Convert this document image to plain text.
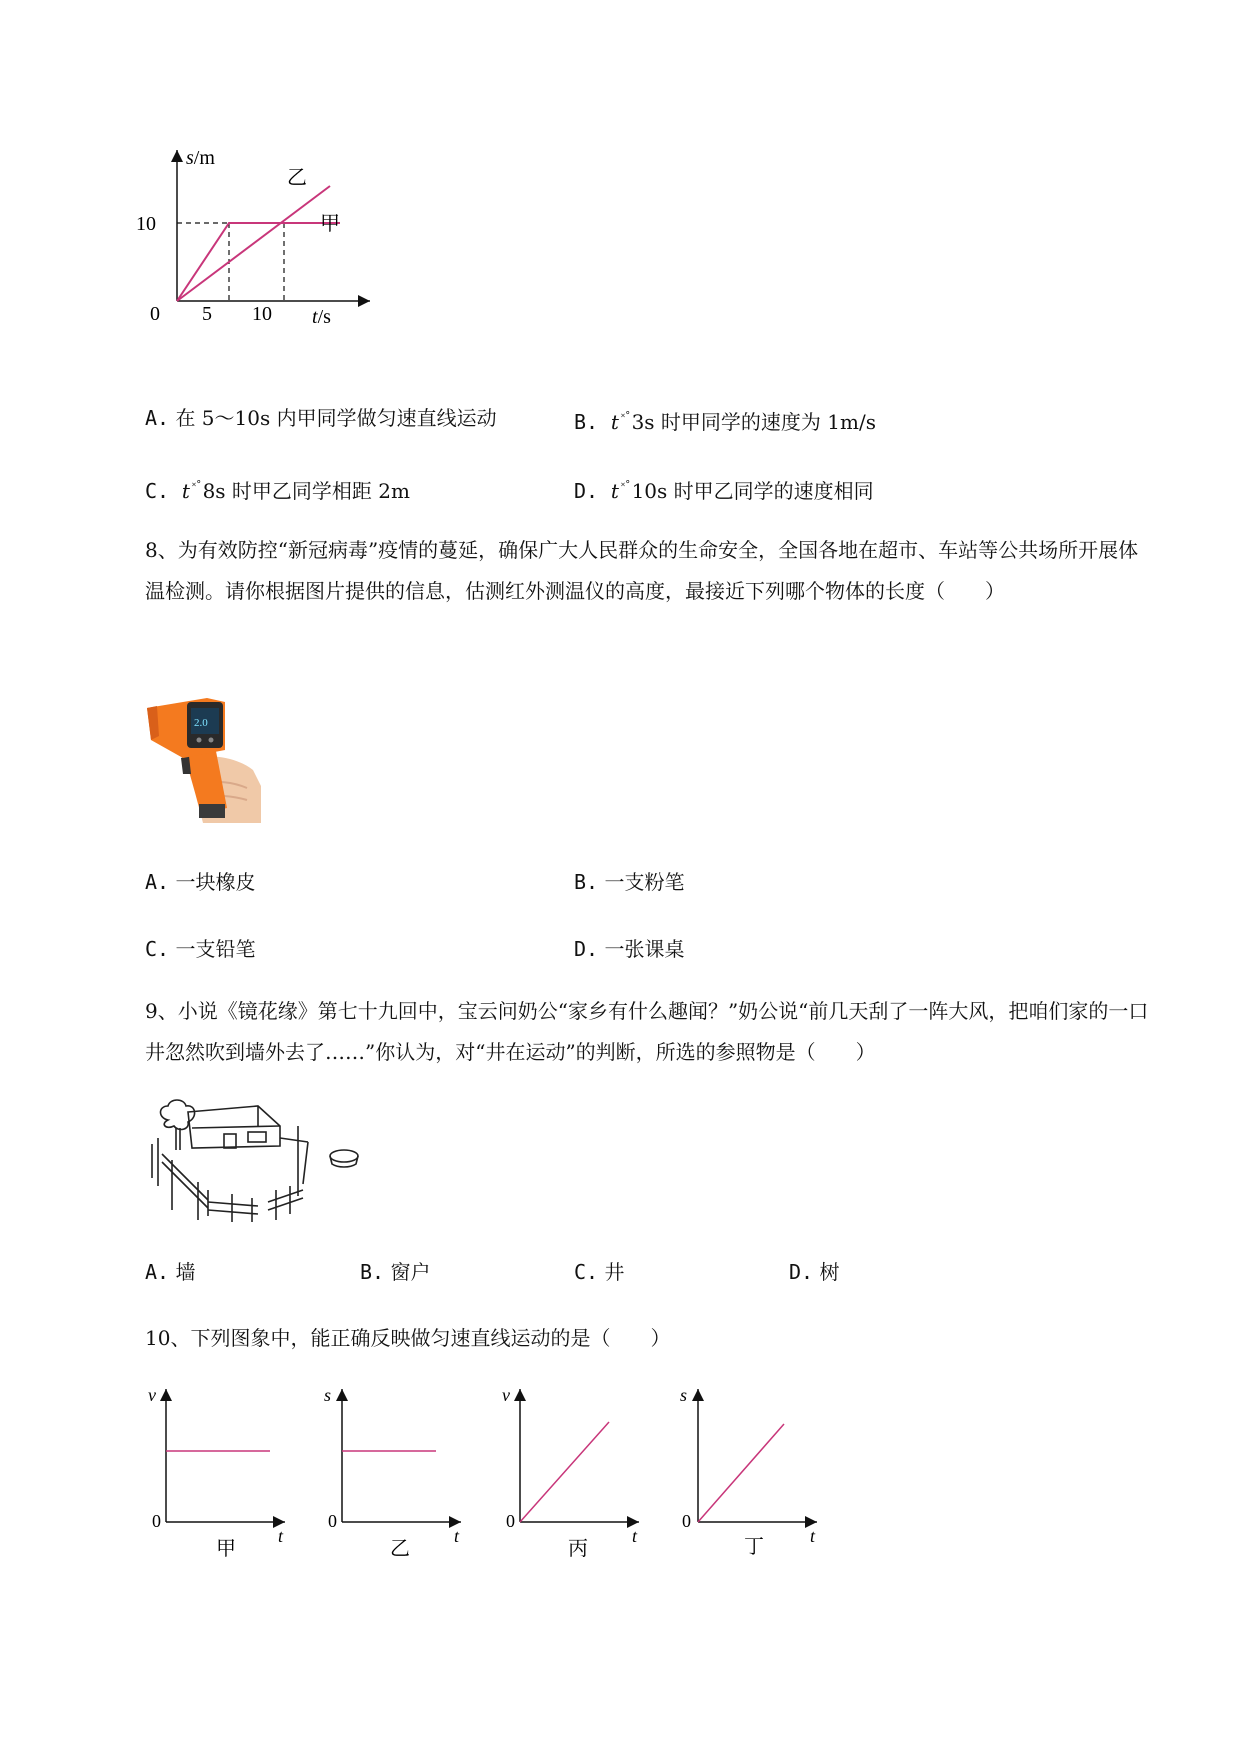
s/m
t/s
0
10
5 10
甲
乙
A. 在 5～10s 内甲同学做匀速直线运动	B. t ˟˚3s 时甲同学的速度为 1m/s
C. t ˟˚8s 时甲乙同学相距 2m	D. t ˟˚10s 时甲乙同学的速度相同
8、为有效防控“新冠病毒”疫情的蔓延，确保广大人民群众的生命安全，全国各地在超市、车站等公共场所开展体温检测。请你根据图片提供的信息，估测红外测温仪的高度，最接近下列哪个物体的长度（　　）
2.0
A. 一块橡皮	B. 一支粉笔
C. 一支铅笔	D. 一张课桌
9、小说《镜花缘》第七十九回中，宝云问奶公“家乡有什么趣闻？”奶公说“前几天刮了一阵大风，把咱们家的一口井忽然吹到墙外去了……”你认为，对“井在运动”的判断，所选的参照物是（　　）
A. 墙	B. 窗户	C. 井	D. 树
10、下列图象中，能正确反映做匀速直线运动的是（　　）
v
t
0
甲
s
t
0
乙
v
t
0
丙
s
t
0
丁
